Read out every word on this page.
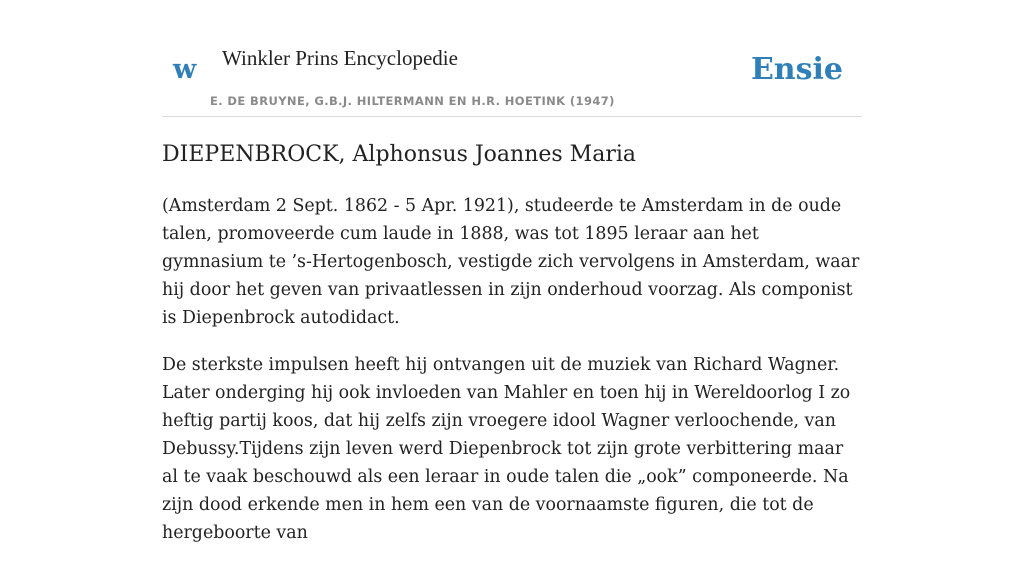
w Winkler Prins Encyclopedie
E. DE BRUYNE, G.B.J. HILTERMANN EN H.R. HOETINK (1947)
Ensie
DIEPENBROCK, Alphonsus Joannes Maria

(Amsterdam 2 Sept. 1862 - 5 Apr. 1921), studeerde te Amsterdam in de oude talen, promoveerde cum laude in 1888, was tot 1895 leraar aan het gymnasium te ’s-Hertogenbosch, vestigde zich vervolgens in Amsterdam, waar hij door het geven van privaatlessen in zijn onderhoud voorzag. Als componist is Diepenbrock autodidact.

De sterkste impulsen heeft hij ontvangen uit de muziek van Richard Wagner. Later onderging hij ook invloeden van Mahler en toen hij in Wereldoorlog I zo heftig partij koos, dat hij zelfs zijn vroegere idool Wagner verloochende, van Debussy.Tijdens zijn leven werd Diepenbrock tot zijn grote verbittering maar al te vaak beschouwd als een leraar in oude talen die „ook” componeerde. Na zijn dood erkende men in hem een van de voornaamste figuren, die tot de hergeboorte van
